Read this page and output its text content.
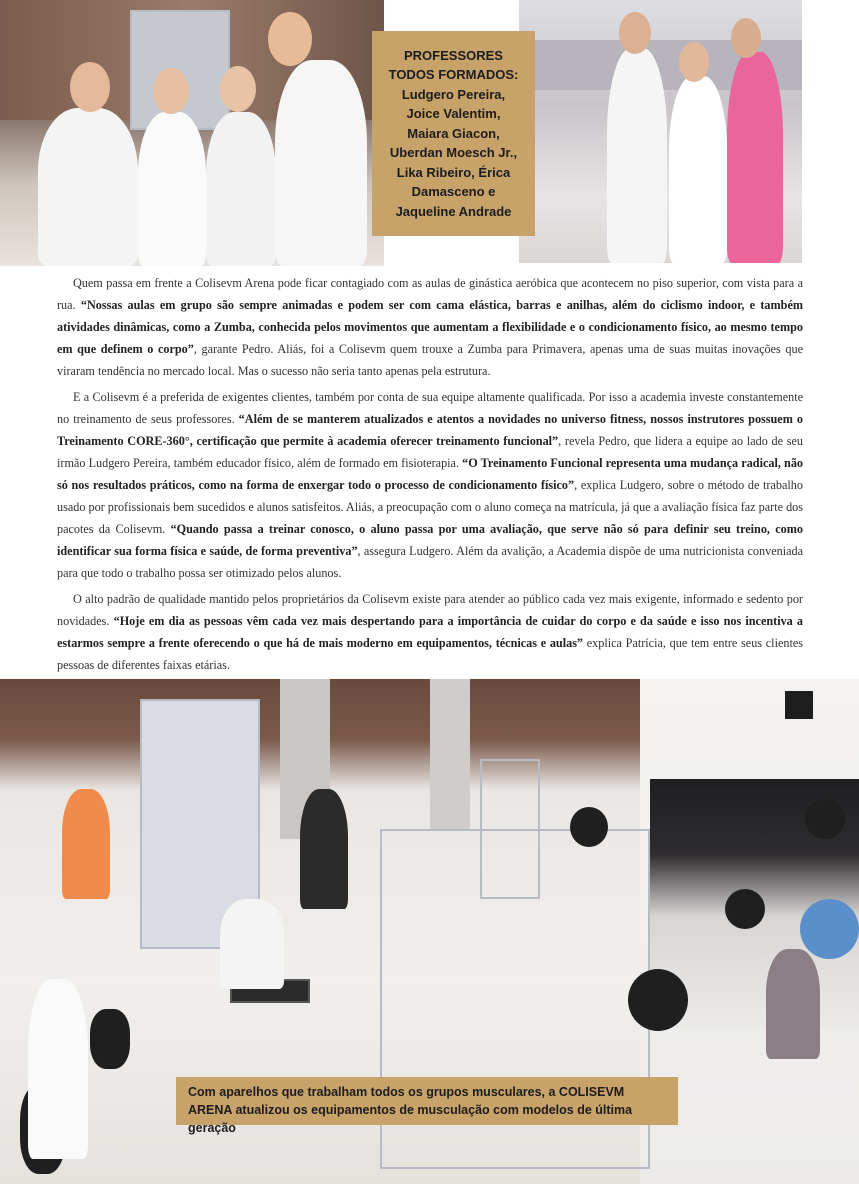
PROFESSORES
TODOS FORMADOS:
Ludgero Pereira,
Joice Valentim,
Maiara Giacon,
Uberdan Moesch Jr.,
Lika Ribeiro, Érica
Damasceno e
Jaqueline Andrade

Quem passa em frente a Colisevm Arena pode ficar contagiado com as aulas de ginástica aeróbica que acontecem no piso superior, com vista para a rua. “Nossas aulas em grupo são sempre animadas e podem ser com cama elástica, barras e anilhas, além do ciclismo indoor, e também atividades dinâmicas, como a Zumba, conhecida pelos movimentos que aumentam a flexibilidade e o condicionamento físico, ao mesmo tempo em que definem o corpo”, garante Pedro. Aliás, foi a Colisevm quem trouxe a Zumba para Primavera, apenas uma de suas muitas inovações que viraram tendência no mercado local. Mas o sucesso não seria tanto apenas pela estrutura.

E a Colisevm é a preferida de exigentes clientes, também por conta de sua equipe altamente qualificada. Por isso a academia investe constantemente no treinamento de seus professores. “Além de se manterem atualizados e atentos a novidades no universo fitness, nossos instrutores possuem o Treinamento CORE-360°, certificação que permite à academia oferecer treinamento funcional”, revela Pedro, que lidera a equipe ao lado de seu irmão Ludgero Pereira, também educador físico, além de formado em fisioterapia. “O Treinamento Funcional representa uma mudança radical, não só nos resultados práticos, como na forma de enxergar todo o processo de condicionamento físico”, explica Ludgero, sobre o método de trabalho usado por profissionais bem sucedidos e alunos satisfeitos. Aliás, a preocupação com o aluno começa na matrícula, já que a avaliação física faz parte dos pacotes da Colisevm. “Quando passa a treinar conosco, o aluno passa por uma avaliação, que serve não só para definir seu treino, como identificar sua forma física e saúde, de forma preventiva”, assegura Ludgero. Além da avalição, a Academia dispõe de uma nutricionista conveniada para que todo o trabalho possa ser otimizado pelos alunos.

O alto padrão de qualidade mantido pelos proprietários da Colisevm existe para atender ao público cada vez mais exigente, informado e sedento por novidades. “Hoje em dia as pessoas vêm cada vez mais despertando para a importância de cuidar do corpo e da saúde e isso nos incentiva a estarmos sempre a frente oferecendo o que há de mais moderno em equipamentos, técnicas e aulas” explica Patrícia, que tem entre seus clientes pessoas de diferentes faixas etárias.

Com aparelhos que trabalham todos os grupos musculares, a COLISEVM ARENA atualizou os equipamentos de musculação com modelos de última geração
